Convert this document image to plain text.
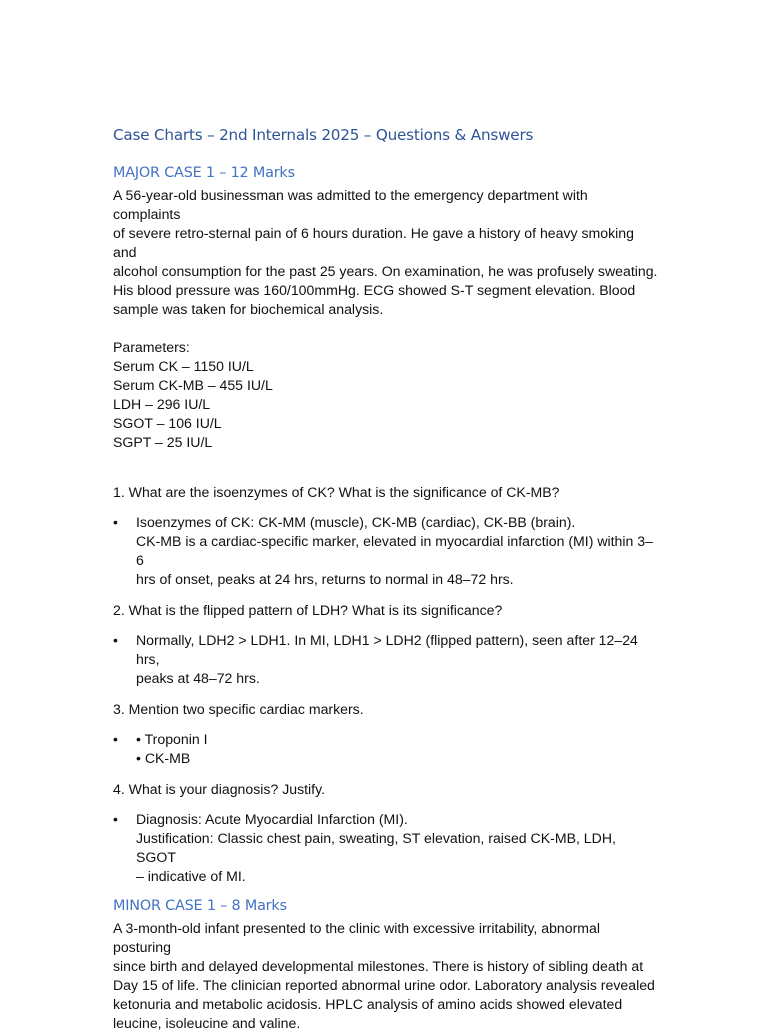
Case Charts – 2nd Internals 2025 – Questions & Answers
MAJOR CASE 1 – 12 Marks

A 56-year-old businessman was admitted to the emergency department with complaints
of severe retro-sternal pain of 6 hours duration. He gave a history of heavy smoking and
alcohol consumption for the past 25 years. On examination, he was profusely sweating.
His blood pressure was 160/100mmHg. ECG showed S-T segment elevation. Blood
sample was taken for biochemical analysis.

Parameters:
Serum CK – 1150 IU/L
Serum CK-MB – 455 IU/L
LDH – 296 IU/L
SGOT – 106 IU/L
SGPT – 25 IU/L

1. What are the isoenzymes of CK? What is the significance of CK-MB?

•	Isoenzymes of CK: CK-MM (muscle), CK-MB (cardiac), CK-BB (brain).
CK-MB is a cardiac-specific marker, elevated in myocardial infarction (MI) within 3–6
hrs of onset, peaks at 24 hrs, returns to normal in 48–72 hrs.

2. What is the flipped pattern of LDH? What is its significance?

•	Normally, LDH2 > LDH1. In MI, LDH1 > LDH2 (flipped pattern), seen after 12–24 hrs,
peaks at 48–72 hrs.

3. Mention two specific cardiac markers.

•	• Troponin I
• CK-MB

4. What is your diagnosis? Justify.

•	Diagnosis: Acute Myocardial Infarction (MI).
Justification: Classic chest pain, sweating, ST elevation, raised CK-MB, LDH, SGOT
– indicative of MI.
MINOR CASE 1 – 8 Marks

A 3-month-old infant presented to the clinic with excessive irritability, abnormal posturing
since birth and delayed developmental milestones. There is history of sibling death at
Day 15 of life. The clinician reported abnormal urine odor. Laboratory analysis revealed
ketonuria and metabolic acidosis. HPLC analysis of amino acids showed elevated
leucine, isoleucine and valine.
